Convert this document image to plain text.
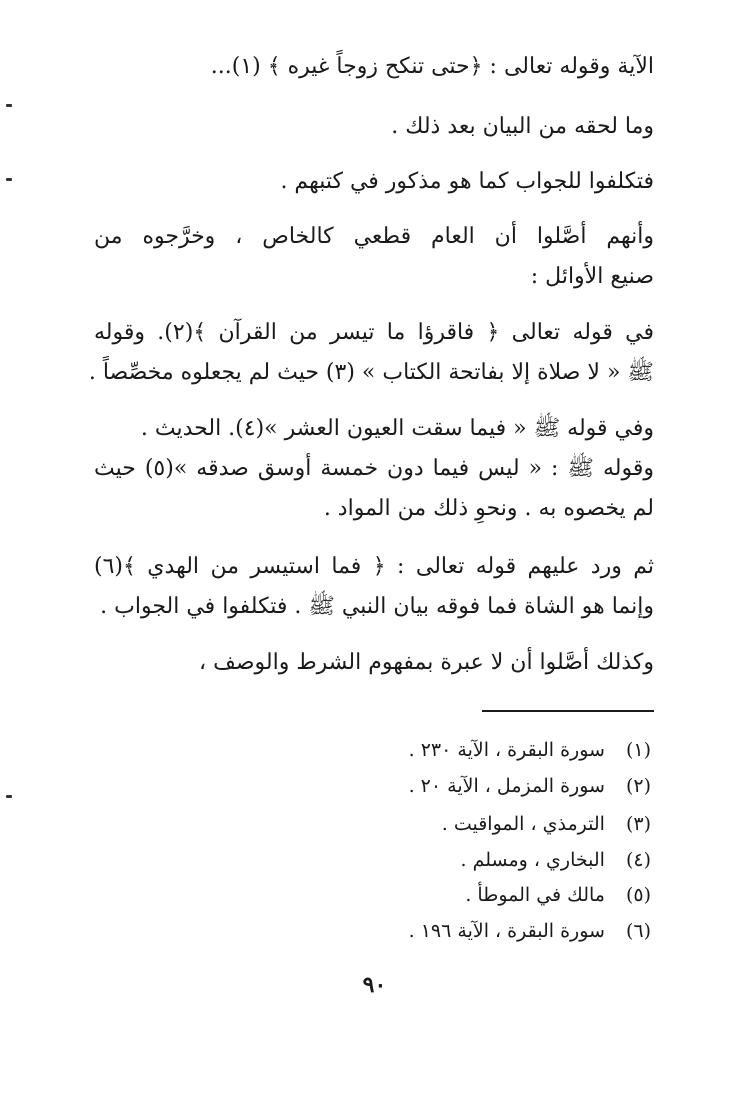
الآية وقوله تعالى : ﴿حتى تنكح زوجاً غيره ﴾ (١)...
وما لحقه من البيان بعد ذلك .
فتكلفوا للجواب كما هو مذكور في كتبهم .
وأنهم أصَّلوا أن العام قطعي كالخاص ، وخرَّجوه من
صنيع الأوائل :
في قوله تعالى ﴿ فاقرؤا ما تيسر من القرآن ﴾(٢). وقوله
ﷺ « لا صلاة إلا بفاتحة الكتاب » (٣) حيث لم يجعلوه مخصِّصاً .
وفي قوله ﷺ « فيما سقت العيون العشر »(٤). الحديث .
وقوله ﷺ : « ليس فيما دون خمسة أوسق صدقه »(٥) حيث
لم يخصوه به . ونحوِ ذلك من المواد .
ثم ورد عليهم قوله تعالى : ﴿ فما استيسر من الهدي ﴾(٦)
وإنما هو الشاة فما فوقه بيان النبي ﷺ . فتكلفوا في الجواب .
وكذلك أصَّلوا أن لا عبرة بمفهوم الشرط والوصف ،
(١) سورة البقرة ، الآية ٢٣٠ .
(٢) سورة المزمل ، الآية ٢٠ .
(٣) الترمذي ، المواقيت .
(٤) البخاري ، ومسلم .
(٥) مالك في الموطأ .
(٦) سورة البقرة ، الآية ١٩٦ .
٩٠
